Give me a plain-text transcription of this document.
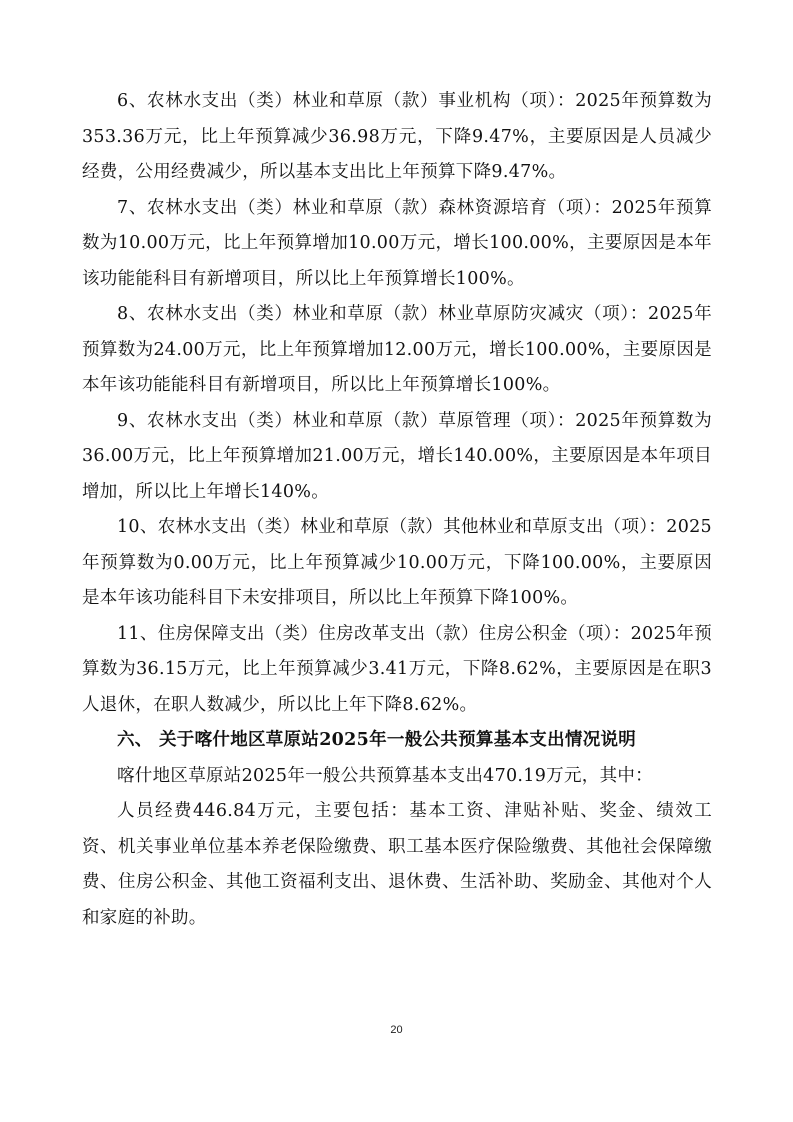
6、农林水支出（类）林业和草原（款）事业机构（项）：2025年预算数为353.36万元，比上年预算减少36.98万元，下降9.47%，主要原因是人员减少经费，公用经费减少，所以基本支出比上年预算下降9.47%。

7、农林水支出（类）林业和草原（款）森林资源培育（项）：2025年预算数为10.00万元，比上年预算增加10.00万元，增长100.00%，主要原因是本年该功能能科目有新增项目，所以比上年预算增长100%。

8、农林水支出（类）林业和草原（款）林业草原防灾减灾（项）：2025年预算数为24.00万元，比上年预算增加12.00万元，增长100.00%，主要原因是本年该功能能科目有新增项目，所以比上年预算增长100%。

9、农林水支出（类）林业和草原（款）草原管理（项）：2025年预算数为36.00万元，比上年预算增加21.00万元，增长140.00%，主要原因是本年项目增加，所以比上年增长140%。

10、农林水支出（类）林业和草原（款）其他林业和草原支出（项）：2025年预算数为0.00万元，比上年预算减少10.00万元，下降100.00%，主要原因是本年该功能科目下未安排项目，所以比上年预算下降100%。

11、住房保障支出（类）住房改革支出（款）住房公积金（项）：2025年预算数为36.15万元，比上年预算减少3.41万元，下降8.62%，主要原因是在职3人退休，在职人数减少，所以比上年下降8.62%。

六、 关于喀什地区草原站2025年一般公共预算基本支出情况说明

喀什地区草原站2025年一般公共预算基本支出470.19万元，其中：

人员经费446.84万元，主要包括：基本工资、津贴补贴、奖金、绩效工资、机关事业单位基本养老保险缴费、职工基本医疗保险缴费、其他社会保障缴费、住房公积金、其他工资福利支出、退休费、生活补助、奖励金、其他对个人和家庭的补助。

20
